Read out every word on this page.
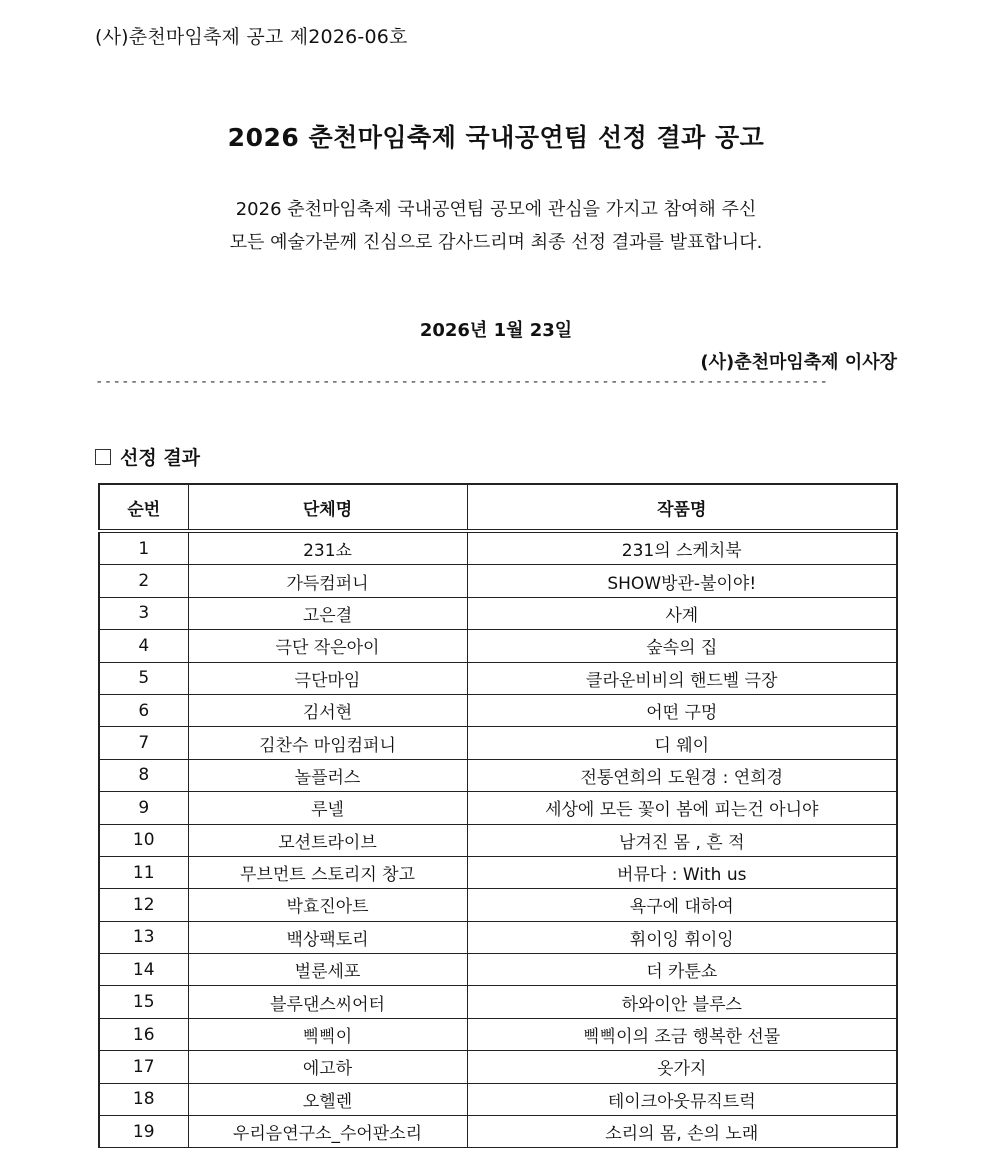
(사)춘천마임축제 공고 제2026-06호
2026 춘천마임축제 국내공연팀 선정 결과 공고
2026 춘천마임축제 국내공연팀 공모에 관심을 가지고 참여해 주신
모든 예술가분께 진심으로 감사드리며 최종 선정 결과를 발표합니다.
2026년 1월 23일
(사)춘천마임축제 이사장
------------------------------------------------------------------------------------
선정 결과
순번	단체명	작품명
1	231쇼	231의 스케치북
2	가득컴퍼니	SHOW방관-불이야!
3	고은결	사계
4	극단 작은아이	숲속의 집
5	극단마임	클라운비비의 핸드벨 극장
6	김서현	어떤 구멍
7	김찬수 마임컴퍼니	디 웨이
8	놀플러스	전통연희의 도원경 : 연희경
9	루넬	세상에 모든 꽃이 봄에 피는건 아니야
10	모션트라이브	남겨진 몸 , 흔 적
11	무브먼트 스토리지 창고	버뮤다 : With us
12	박효진아트	욕구에 대하여
13	백상팩토리	휘이잉 휘이잉
14	벌룬세포	더 카툰쇼
15	블루댄스씨어터	하와이안 블루스
16	삑삑이	삑삑이의 조금 행복한 선물
17	에고하	옷가지
18	오헬렌	테이크아웃뮤직트럭
19	우리음연구소_수어판소리	소리의 몸, 손의 노래
